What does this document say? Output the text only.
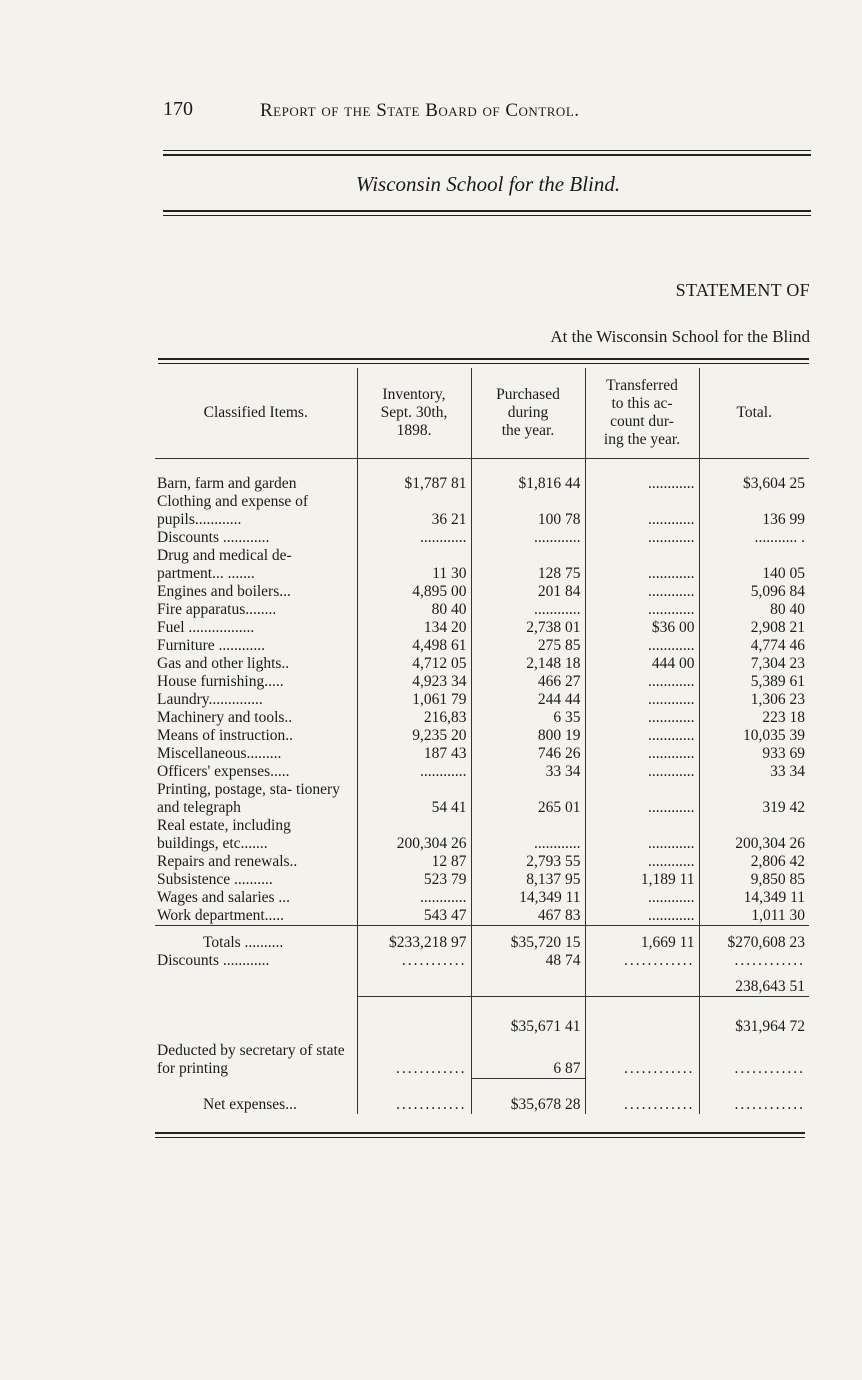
170	Report of the State Board of Control.
Wisconsin School for the Blind.
STATEMENT OF
At the Wisconsin School for the Blind
Classified Items.	Inventory,
Sept. 30th,
1898.	Purchased
during
the year.	Transferred
to this ac-
count dur-
ing the year.	Total.

Barn, farm and garden	$1,787 81	$1,816 44	............	$3,604 25
Clothing and expense of pupils............	36 21	100 78	............	136 99
Discounts ............	............	............	............	........... .
Drug and medical de- partment... .......	11 30	128 75	............	140 05
Engines and boilers...	4,895 00	201 84	............	5,096 84
Fire apparatus........	80 40	............	............	80 40
Fuel .................	134 20	2,738 01	$36 00	2,908 21
Furniture ............	4,498 61	275 85	............	4,774 46
Gas and other lights..	4,712 05	2,148 18	444 00	7,304 23
House furnishing.....	4,923 34	466 27	............	5,389 61
Laundry..............	1,061 79	244 44	............	1,306 23
Machinery and tools..	216,83	6 35	............	223 18
Means of instruction..	9,235 20	800 19	............	10,035 39
Miscellaneous.........	187 43	746 26	............	933 69
Officers' expenses.....	............	33 34	............	33 34
Printing, postage, sta- tionery and telegraph	54 41	265 01	............	319 42
Real estate, including buildings, etc.......	200,304 26	............	............	200,304 26
Repairs and renewals..	12 87	2,793 55	............	2,806 42
Subsistence ..........	523 79	8,137 95	1,189 11	9,850 85
Wages and salaries ...	............	14,349 11	............	14,349 11
Work department.....	543 47	467 83	............	1,011 30
Totals ..........	$233,218 97	$35,720 15	1,669 11	$270,608 23
Discounts ............	...........	48 74	............	............
				238,643 51
		$35,671 41		$31,964 72
Deducted by secretary of state for printing	............	6 87	............	............
Net expenses...	............	$35,678 28	............	............
